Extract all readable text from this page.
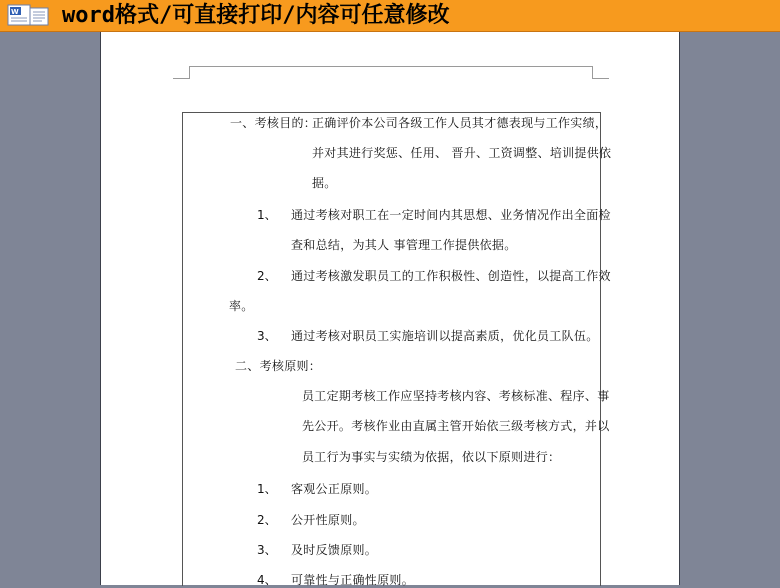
W word格式/可直接打印/内容可任意修改
一、考核目的：
正确评价本公司各级工作人员其才德表现与工作实绩，
并对其进行奖惩、任用、 晋升、工资调整、培训提供依
据。
1、 通过考核对职工在一定时间内其思想、业务情况作出全面检
查和总结，为其人 事管理工作提供依据。
2、 通过考核激发职员工的工作积极性、创造性，以提高工作效
率。
3、 通过考核对职员工实施培训以提高素质，优化员工队伍。
二、考核原则：
员工定期考核工作应坚持考核内容、考核标准、程序、事
先公开。考核作业由直属主管开始依三级考核方式，并以
员工行为事实与实绩为依据，依以下原则进行：
1、 客观公正原则。
2、 公开性原则。
3、 及时反馈原则。
4、 可靠性与正确性原则。
